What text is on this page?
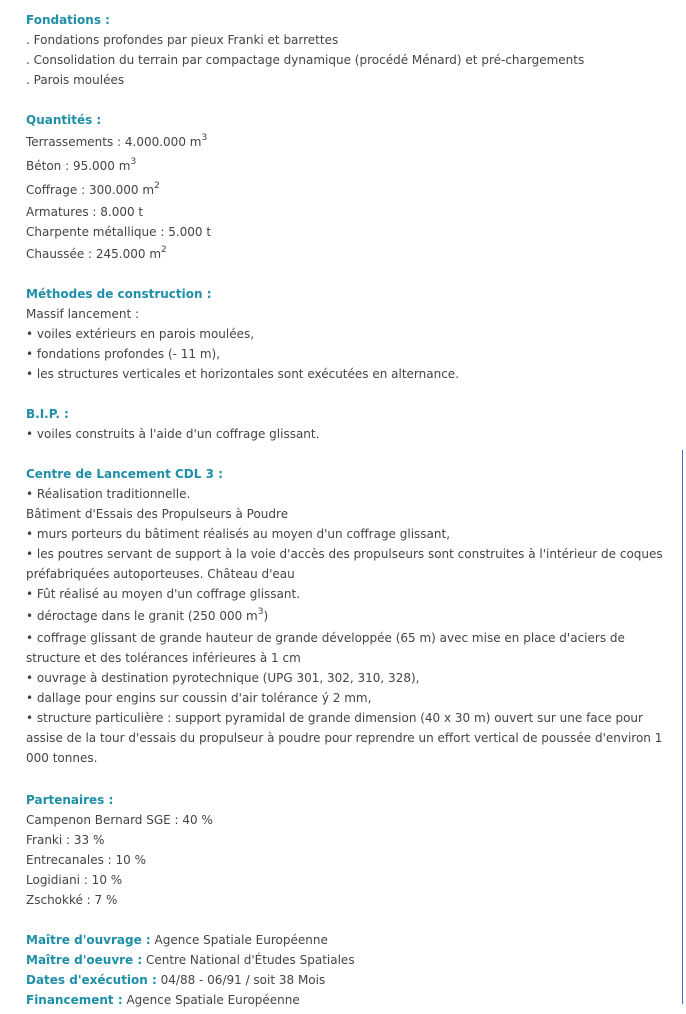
Fondations :
. Fondations profondes par pieux Franki et barrettes
. Consolidation du terrain par compactage dynamique (procédé Ménard) et pré-chargements
. Parois moulées
Quantités :
Terrassements : 4.000.000 $m^3$
Béton : 95.000 $m^3$
Coffrage : 300.000 $m^2$
Armatures : 8.000 t
Charpente métallique : 5.000 t
Chaussée : 245.000 $m^2$
Méthodes de construction :
Massif lancement :
• voiles extérieurs en parois moulées,
• fondations profondes (- 11 m),
• les structures verticales et horizontales sont exécutées en alternance.
B.I.P. :
• voiles construits à l'aide d'un coffrage glissant.
Centre de Lancement CDL 3 :
• Réalisation traditionnelle.
Bâtiment d'Essais des Propulseurs à Poudre
• murs porteurs du bâtiment réalisés au moyen d'un coffrage glissant,
• les poutres servant de support à la voie d'accès des propulseurs sont construites à l'intérieur de coques préfabriquées autoporteuses. Château d'eau
• Fût réalisé au moyen d'un coffrage glissant.
• déroctage dans le granit (250 000 $m^3$)
• coffrage glissant de grande hauteur de grande développée (65 m) avec mise en place d'aciers de structure et des tolérances inférieures à 1 cm
• ouvrage à destination pyrotechnique (UPG 301, 302, 310, 328),
• dallage pour engins sur coussin d'air tolérance ý 2 mm,
• structure particulière : support pyramidal de grande dimension (40 x 30 m) ouvert sur une face pour assise de la tour d'essais du propulseur à poudre pour reprendre un effort vertical de poussée d'environ 1 000 tonnes.
Partenaires :
Campenon Bernard SGE : 40 %
Franki : 33 %
Entrecanales : 10 %
Logidiani : 10 %
Zschokké : 7 %
Maître d'ouvrage : Agence Spatiale Européenne
Maître d'oeuvre : Centre National d'Études Spatiales
Dates d'exécution : 04/88 - 06/91 / soit 38 Mois
Financement : Agence Spatiale Européenne
